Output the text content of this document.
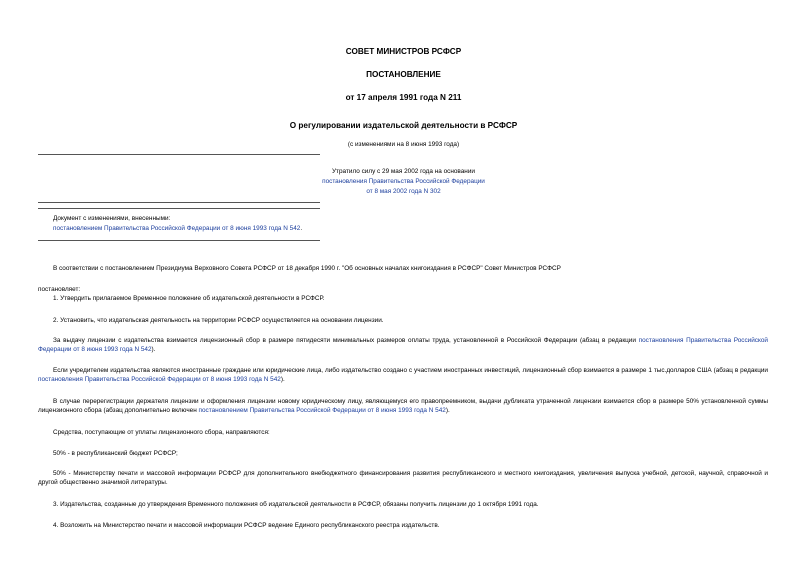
СОВЕТ МИНИСТРОВ РСФСР
ПОСТАНОВЛЕНИЕ
от 17 апреля 1991 года N 211
О регулировании издательской деятельности в РСФСР
(с изменениями на 8 июня 1993 года)
Утратило силу с 29 мая 2002 года на основании
постановления Правительства Российской Федерации
от 8 мая 2002 года N 302
Документ с изменениями, внесенными:
постановлением Правительства Российской Федерации от 8 июня 1993 года N 542.
В соответствии с постановлением Президиума Верховного Совета РСФСР от 18 декабря 1990 г. "Об основных началах книгоиздания в РСФСР" Совет Министров РСФСР
постановляет:
1. Утвердить прилагаемое Временное положение об издательской деятельности в РСФСР.
2. Установить, что издательская деятельность на территории РСФСР осуществляется на основании лицензии.
За выдачу лицензии с издательства взимается лицензионный сбор в размере пятидесяти минимальных размеров оплаты труда, установленной в Российской Федерации (абзац в редакции постановления Правительства Российской Федерации от 8 июня 1993 года N 542).
Если учредителем издательства являются иностранные граждане или юридические лица, либо издательство создано с участием иностранных инвестиций, лицензионный сбор взимается в размере 1 тыс.долларов США (абзац в редакции постановления Правительства Российской Федерации от 8 июня 1993 года N 542).
В случае перерегистрации держателя лицензии и оформления лицензии новому юридическому лицу, являющемуся его правопреемником, выдачи дубликата утраченной лицензии взимается сбор в размере 50% установленной суммы лицензионного сбора (абзац дополнительно включен постановлением Правительства Российской Федерации от 8 июня 1993 года N 542).
Средства, поступающие от уплаты лицензионного сбора, направляются:
50% - в республиканский бюджет РСФСР;
50% - Министерству печати и массовой информации РСФСР для дополнительного внебюджетного финансирования развития республиканского и местного книгоиздания, увеличения выпуска учебной, детской, научной, справочной и другой общественно значимой литературы.
3. Издательства, созданные до утверждения Временного положения об издательской деятельности в РСФСР, обязаны получить лицензии до 1 октября 1991 года.
4. Возложить на Министерство печати и массовой информации РСФСР ведение Единого республиканского реестра издательств.
